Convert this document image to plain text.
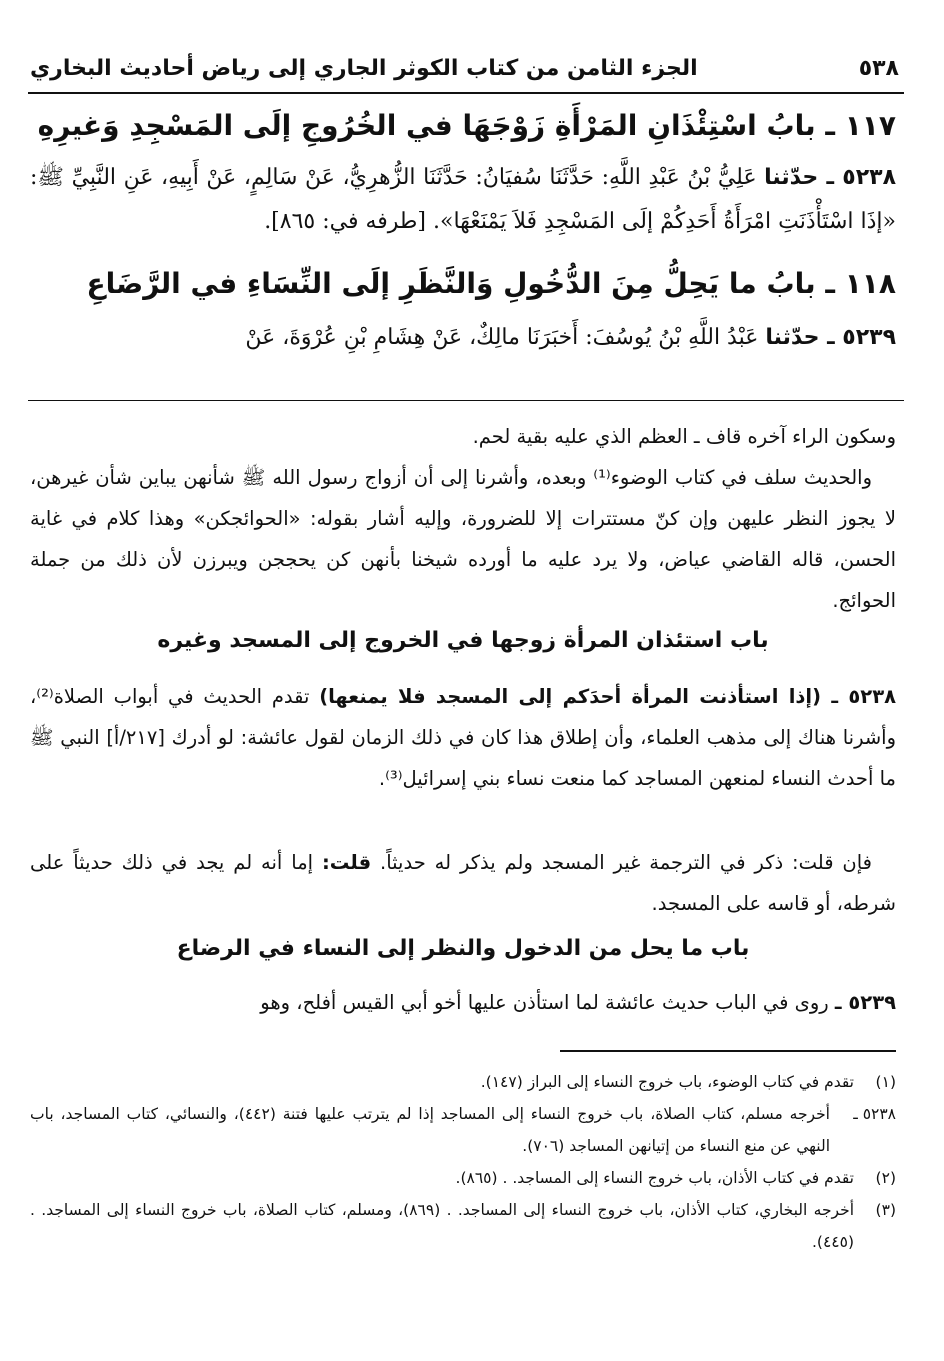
٥٣٨
الجزء الثامن من كتاب الكوثر الجاري إلى رياض أحاديث البخاري
١١٧ ـ بابُ اسْتِئْذَانِ المَرْأَةِ زَوْجَهَا في الخُرُوجِ إلَى المَسْجِدِ وَغيرِهِ
٥٢٣٨ ـ حدّثنا عَلِيُّ بْنُ عَبْدِ اللَّهِ: حَدَّثَنَا سُفيَانُ: حَدَّثَنَا الزُّهرِيُّ، عَنْ سَالِمٍ، عَنْ أَبِيهِ، عَنِ النَّبِيِّ ﷺ: «إذَا اسْتَأْذَنَتِ امْرَأَةُ أَحَدِكُمْ إلَى المَسْجِدِ فَلاَ يَمْنَعْهَا». [طرفه في: ٨٦٥].
١١٨ ـ بابُ ما يَحِلُّ مِنَ الدُّخُولِ وَالنَّظَرِ إلَى النِّسَاءِ في الرَّضَاعِ
٥٢٣٩ ـ حدّثنا عَبْدُ اللَّهِ بْنُ يُوسُفَ: أَخبَرَنَا مالِكٌ، عَنْ هِشَامِ بْنِ عُرْوَةَ، عَنْ
وسكون الراء آخره قاف ـ العظم الذي عليه بقية لحم.
والحديث سلف في كتاب الوضوء⁽¹⁾ وبعده، وأشرنا إلى أن أزواج رسول الله ﷺ شأنهن يباين شأن غيرهن، لا يجوز النظر عليهن وإن كنّ مستترات إلا للضرورة، وإليه أشار بقوله: «الحوائجكن» وهذا كلام في غاية الحسن، قاله القاضي عياض، ولا يرد عليه ما أورده شيخنا بأنهن كن يحججن ويبرزن لأن ذلك من جملة الحوائج.
باب استئذان المرأة زوجها في الخروج إلى المسجد وغيره
٥٢٣٨ ـ (إذا استأذنت المرأة أحدَكم إلى المسجد فلا يمنعها) تقدم الحديث في أبواب الصلاة⁽²⁾، وأشرنا هناك إلى مذهب العلماء، وأن إطلاق هذا كان في ذلك الزمان لقول عائشة: لو أدرك [٢١٧/أ] النبي ﷺ ما أحدث النساء لمنعهن المساجد كما منعت نساء بني إسرائيل⁽³⁾.
فإن قلت: ذكر في الترجمة غير المسجد ولم يذكر له حديثاً. قلت: إما أنه لم يجد في ذلك حديثاً على شرطه، أو قاسه على المسجد.
باب ما يحل من الدخول والنظر إلى النساء في الرضاع
٥٢٣٩ ـ روى في الباب حديث عائشة لما استأذن عليها أخو أبي القيس أفلح، وهو
(١)
تقدم في كتاب الوضوء، باب خروج النساء إلى البراز (١٤٧).
٥٢٣٨ ـ
أخرجه مسلم، كتاب الصلاة، باب خروج النساء إلى المساجد إذا لم يترتب عليها فتنة (٤٤٢)، والنسائي، كتاب المساجد، باب النهي عن منع النساء من إتيانهن المساجد (٧٠٦).
(٢)
تقدم في كتاب الأذان، باب خروج النساء إلى المساجد. . (٨٦٥).
(٣)
أخرجه البخاري، كتاب الأذان، باب خروج النساء إلى المساجد. . (٨٦٩)، ومسلم، كتاب الصلاة، باب خروج النساء إلى المساجد. . (٤٤٥).
